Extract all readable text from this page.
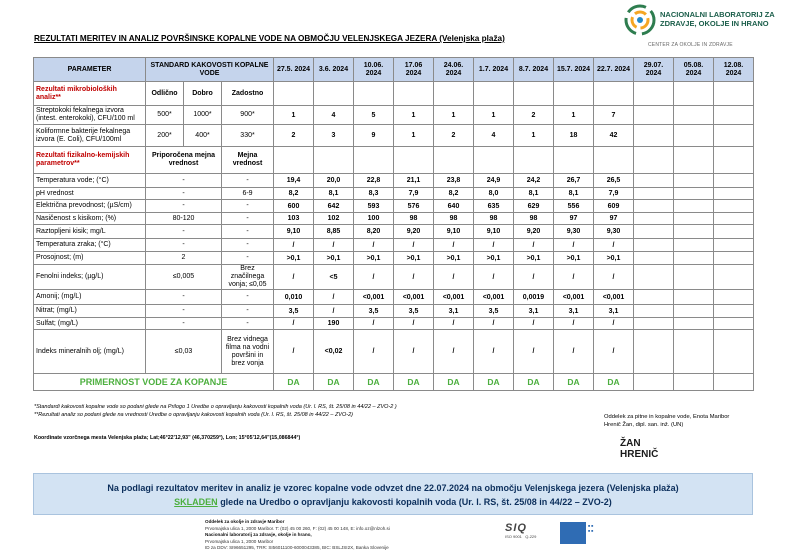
NACIONALNI LABORATORIJ ZA ZDRAVJE, OKOLJE IN HRANO
CENTER ZA OKOLJE IN ZDRAVJE
REZULTATI MERITEV IN ANALIZ POVRŠINSKE KOPALNE VODE NA OBMOČJU VELENJSKEGA JEZERA (Velenjska plaža)
PARAMETER	STANDARD KAKOVOSTI KOPALNE VODE			27.5. 2024	3.6. 2024	10.06. 2024	17.06 2024	24.06. 2024	1.7. 2024	8.7. 2024	15.7. 2024	22.7. 2024	29.07. 2024	05.08. 2024	12.08. 2024
Rezultati mikrobioloških analiz**	Odlično	Dobro	Zadostno												
Streptokoki fekalnega izvora (intest. enterokoki), CFU/100 ml	500*	1000*	900*	1	4	5	1	1	1	2	1	7			
Koliformne bakterije fekalnega izvora (E. Coli), CFU/100ml	200*	400*	330*	2	3	9	1	2	4	1	18	42			
Rezultati fizikalno-kemijskih parametrov**	Priporočena mejna vrednost		Mejna vrednost												
Temperatura vode; (°C)	-		-	19,4	20,0	22,8	21,1	23,8	24,9	24,2	26,7	26,5			
pH vrednost	-		6-9	8,2	8,1	8,3	7,9	8,2	8,0	8,1	8,1	7,9			
Električna prevodnost; (µS/cm)	-		-	600	642	593	576	640	635	629	556	609			
Nasičenost s kisikom; (%)	80-120		-	103	102	100	98	98	98	98	97	97			
Raztopljeni kisik; mg/L	-		-	9,10	8,85	8,20	9,20	9,10	9,10	9,20	9,30	9,30			
Temperatura zraka; (°C)	-		-	/	/	/	/	/	/	/	/	/			
Prosojnost; (m)	2		-	>0,1	>0,1	>0,1	>0,1	>0,1	>0,1	>0,1	>0,1	>0,1			
Fenolni indeks; (µg/L)	≤0,005		Brez značilnega vonja; ≤0,05	/	<5	/	/	/	/	/	/	/			
Amonij; (mg/L)	-		-	0,010	/	<0,001	<0,001	<0,001	<0,001	0,0019	<0,001	<0,001			
Nitrat; (mg/L)	-		-	3,5	/	3,5	3,5	3,1	3,5	3,1	3,1	3,1			
Sulfat; (mg/L)	-		-	/	190	/	/	/	/	/	/	/			
Indeks mineralnih olj; (mg/L)	≤0,03		Brez vidnega filma na vodni površini in brez vonja	/	<0,02	/	/	/	/	/	/	/			
PRIMERNOST VODE ZA KOPANJE				DA	DA	DA	DA	DA	DA	DA	DA	DA			
*Standardi kakovosti kopalne vode so podani glede na Prilogo 1 Uredbe o opravljanju kakovosti kopalnih voda (Ur. l. RS, št. 25/08 in 44/22 – ZVO-2 )
**Rezultati analiz so podani glede na vrednosti Uredbe o opravljanju kakovosti kopalnih voda (Ur. l. RS, št. 25/08 in 44/22 – ZVO-2)
Koordinate vzorčnega mesta Velenjska plaža; Lat;46°22'12,93" (46,370259°), Lon; 15°05'12,64"(15,086844°)
Oddelek za pitne in kopalne vode, Enota Maribor
Hrenič Žan, dipl. san. inž. (UN)
ŽAN
HRENIČ
Na podlagi rezultatov meritev in analiz je vzorec kopalne vode odvzet dne 22.07.2024 na območju Velenjskega jezera (Velenjska plaža)
SKLADEN glede na Uredbo o opravljanju kakovosti kopalnih voda (Ur. l. RS, št. 25/08 in 44/22 – ZVO-2)
Oddelek za okolje in zdravje Maribor
Prvomajska ulica 1, 2000 Maribor. T: (02) 45 00 260, F: (02) 45 00 148, E: info.oz@nlzoh.si
Nacionalni laboratorij za zdravje, okolje in hrano,
Prvomajska ulica 1, 2000 Maribor
ID za DDV: SI96651295, TRR: SI56011100-6000043385, BIC: BSLJSI2X, Banka Slovenije
SIQ
ISO 9001 Q-229
■ ■
■ ■
